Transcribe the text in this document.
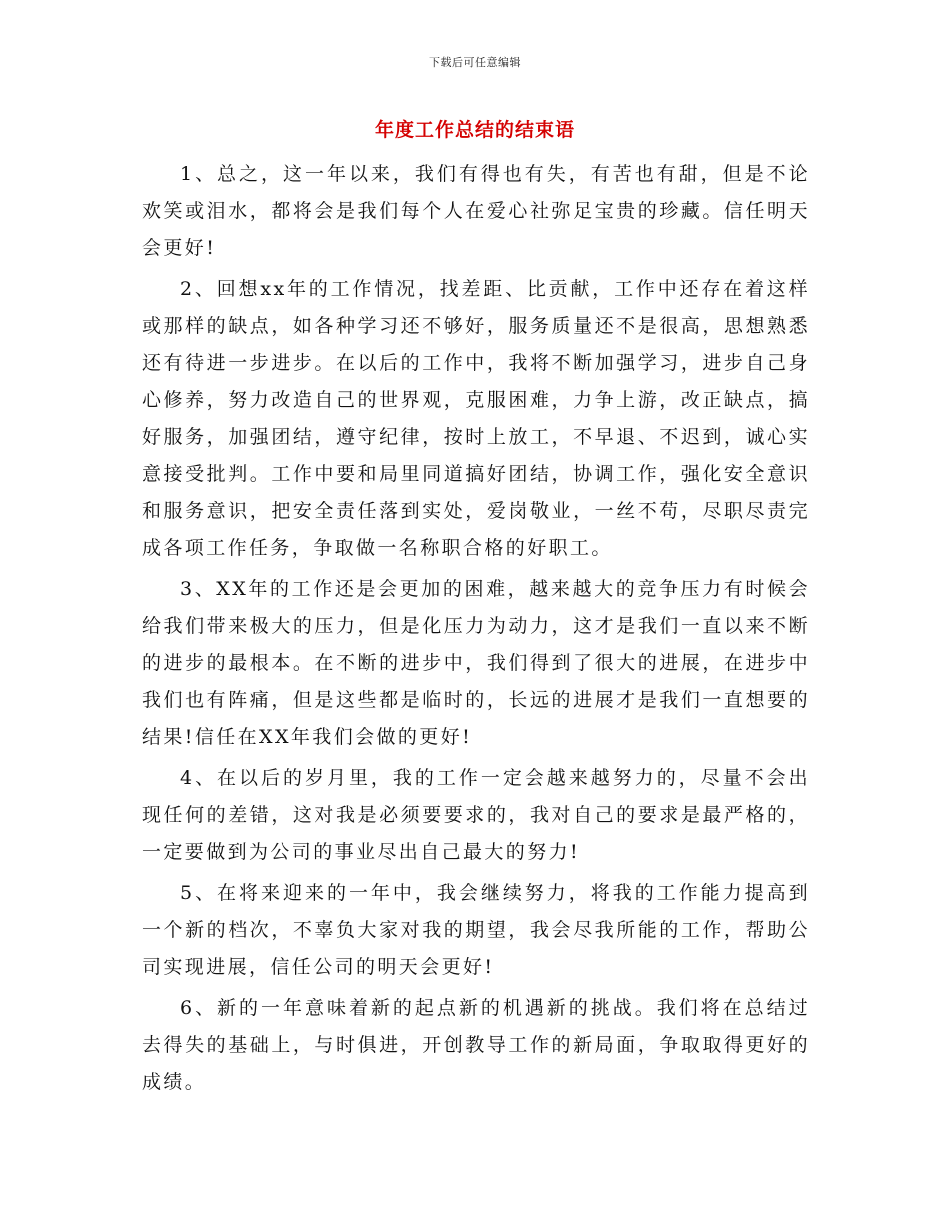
下载后可任意编辑
年度工作总结的结束语

1、总之，这一年以来，我们有得也有失，有苦也有甜，但是不论欢笑或泪水，都将会是我们每个人在爱心社弥足宝贵的珍藏。信任明天会更好!

2、回想xx年的工作情况，找差距、比贡献，工作中还存在着这样或那样的缺点，如各种学习还不够好，服务质量还不是很高，思想熟悉还有待进一步进步。在以后的工作中，我将不断加强学习，进步自己身心修养，努力改造自己的世界观，克服困难，力争上游，改正缺点，搞好服务，加强团结，遵守纪律，按时上放工，不早退、不迟到，诚心实意接受批判。工作中要和局里同道搞好团结，协调工作，强化安全意识和服务意识，把安全责任落到实处，爱岗敬业，一丝不苟，尽职尽责完成各项工作任务，争取做一名称职合格的好职工。

3、XX年的工作还是会更加的困难，越来越大的竞争压力有时候会给我们带来极大的压力，但是化压力为动力，这才是我们一直以来不断的进步的最根本。在不断的进步中，我们得到了很大的进展，在进步中我们也有阵痛，但是这些都是临时的，长远的进展才是我们一直想要的结果!信任在XX年我们会做的更好!

4、在以后的岁月里，我的工作一定会越来越努力的，尽量不会出现任何的差错，这对我是必须要要求的，我对自己的要求是最严格的，一定要做到为公司的事业尽出自己最大的努力!

5、在将来迎来的一年中，我会继续努力，将我的工作能力提高到一个新的档次，不辜负大家对我的期望，我会尽我所能的工作，帮助公司实现进展，信任公司的明天会更好!

6、新的一年意味着新的起点新的机遇新的挑战。我们将在总结过去得失的基础上，与时俱进，开创教导工作的新局面，争取取得更好的成绩。
